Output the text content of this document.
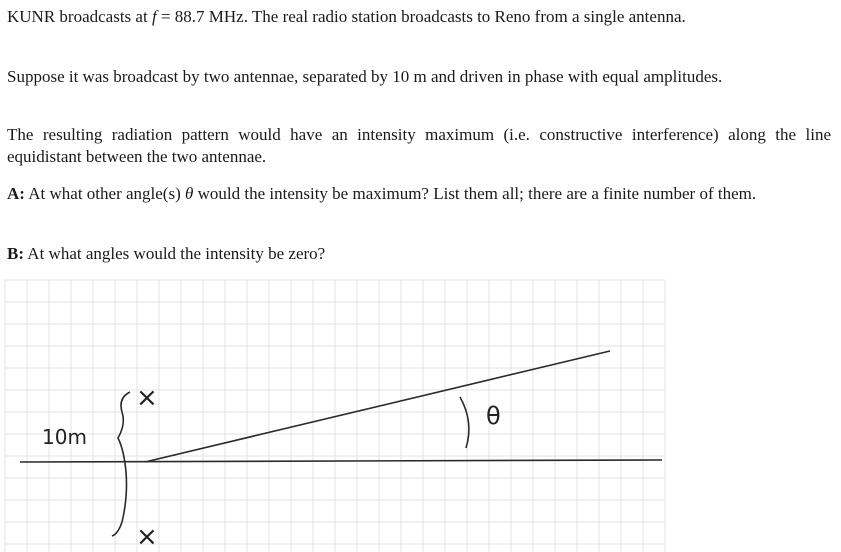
KUNR broadcasts at f = 88.7 MHz. The real radio station broadcasts to Reno from a single antenna.
Suppose it was broadcast by two antennae, separated by 10 m and driven in phase with equal amplitudes.
The resulting radiation pattern would have an intensity maximum (i.e. constructive interference) along the line equidistant between the two antennae.
A: At what other angle(s) θ would the intensity be maximum? List them all; there are a finite number of them.
B: At what angles would the intensity be zero?
×
×
10m
θ
